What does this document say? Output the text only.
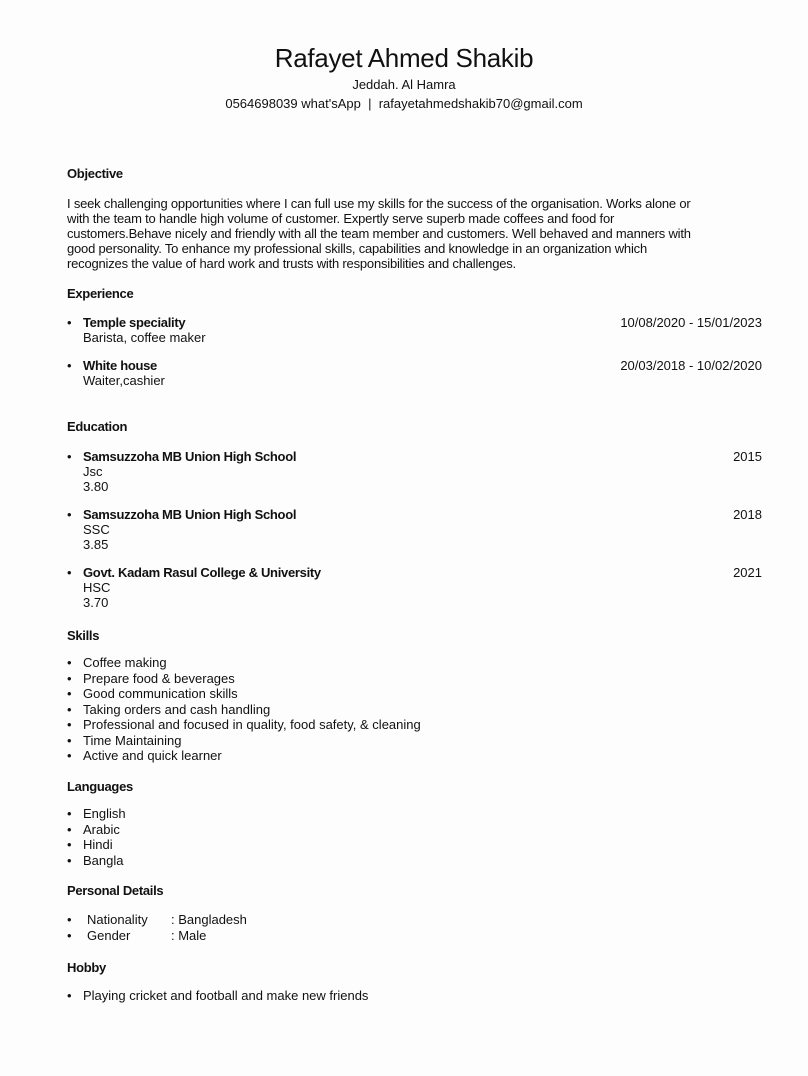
Rafayet Ahmed Shakib
Jeddah. Al Hamra
0564698039 what'sApp | rafayetahmedshakib70@gmail.com
Objective

I seek challenging opportunities where I can full use my skills for the success of the organisation. Works alone or

with the team to handle high volume of customer. Expertly serve superb made coffees and food for

customers.Behave nicely and friendly with all the team member and customers. Well behaved and manners with

good personality. To enhance my professional skills, capabilities and knowledge in an organization which

recognizes the value of hard work and trusts with responsibilities and challenges.

Experience
• Temple speciality
Barista, coffee maker
10/08/2020 - 15/01/2023
• White house
Waiter,cashier
20/03/2018 - 10/02/2020
Education
• Samsuzzoha MB Union High School
Jsc
3.80
2015
• Samsuzzoha MB Union High School
SSC
3.85
2018
• Govt. Kadam Rasul College & University
HSC
3.70
2021
Skills
• Coffee making
• Prepare food & beverages
• Good communication skills
• Taking orders and cash handling
• Professional and focused in quality, food safety, & cleaning
• Time Maintaining
• Active and quick learner
Languages
• English
• Arabic
• Hindi
• Bangla
Personal Details
• Nationality : Bangladesh
• Gender	: Male
Hobby
• Playing cricket and football and make new friends
